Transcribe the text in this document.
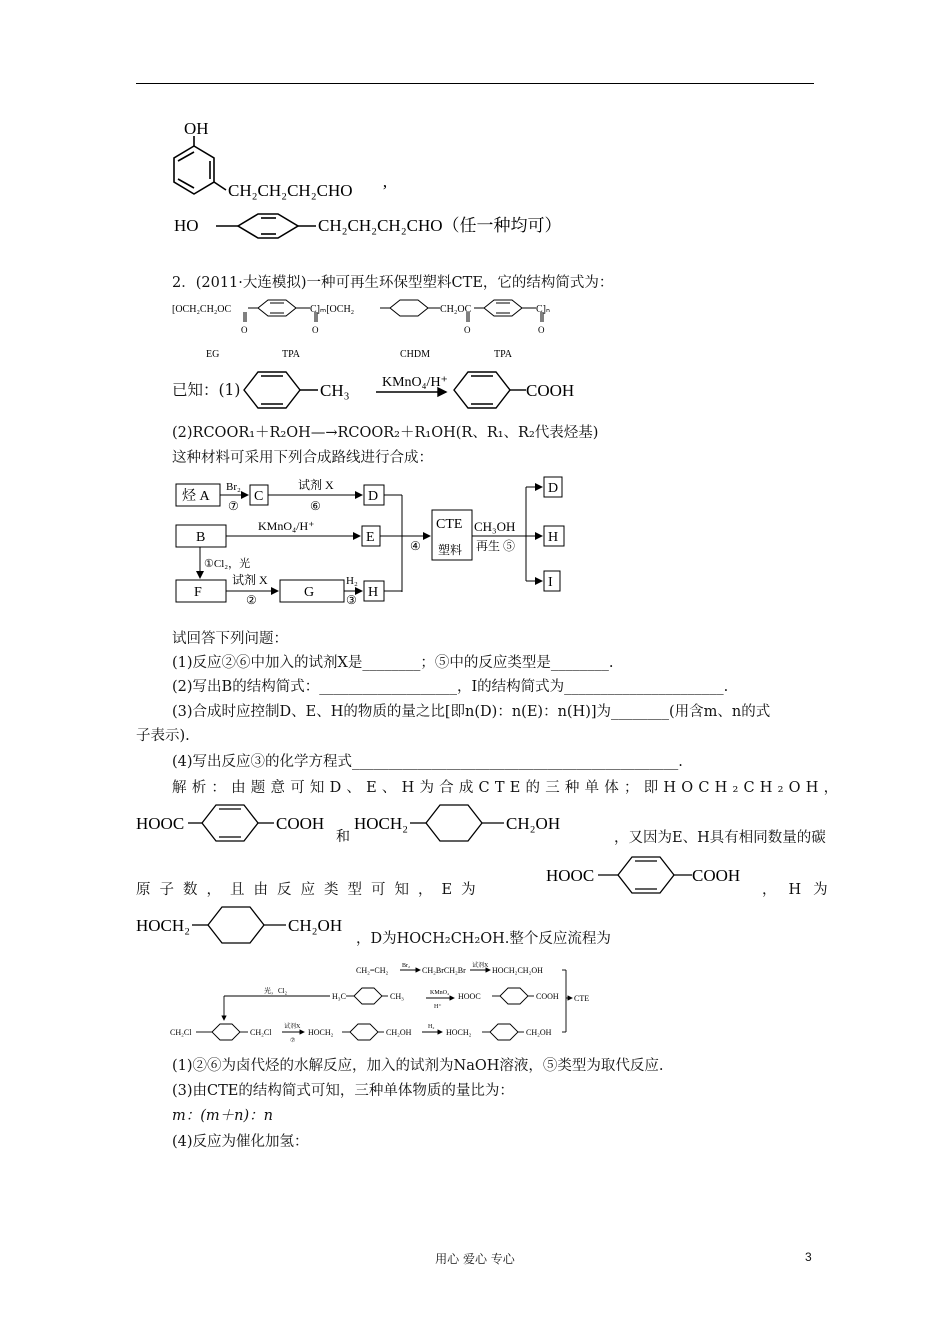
OH
CH₂CH₂CH₂CHO ’
HO	CH₂CH₂CH₂CHO（任一种均可）
2．(2011·大连模拟)一种可再生环保型塑料CTE，它的结构简式为：
[OCH₂CH₂OC	C]ₘ[OCH₂	CH₂OC	C]ₙ
O	O	O	O
EG	TPA	CHDM	TPA
已知：(1)	CH₃ KMnO₄/H⁺	COOH
(2)RCOOR₁＋R₂OH—→RCOOR₂＋R₁OH(R、R₁、R₂代表烃基)
这种材料可采用下列合成路线进行合成：
烃 A
Br₂
⑦
C
试剂 X
⑥
D
B
KMnO₄/H⁺
E
④
CTE
塑料
CH₃OH
再生 ⑤
D
H
I
①Cl₂，光
F
试剂 X
②	G
H₂
③ H
试回答下列问题：
(1)反应②⑥中加入的试剂X是________；⑤中的反应类型是________.
(2)写出B的结构简式：___________________，I的结构简式为______________________.
(3)合成时应控制D、E、H的物质的量之比[即n(D)：n(E)：n(H)]为________(用含m、n的式
子表示).
(4)写出反应③的化学方程式_____________________________________________.
解析：由题意可知D、E、H为合成CTE的三种单体；即HOCH₂CH₂OH，
HOOC	COOH
和
HOCH₂	CH₂OH
，又因为E、H具有相同数量的碳
原子数，且由反应类型可知，E为
HOOC	COOH
，H为
HOCH₂	CH₂OH
，D为HOCH₂CH₂OH.整个反应流程为
CH₂=CH₂ Br₂ CH₂BrCH₂Br 试剂X HOCH₂CH₂OH
光，Cl₂
H₃C	CH₃	KMnO₄
H⁺
HOOC	COOH CTE
CH₂Cl	CH₂Cl
试剂X
⑦
HOCH₂	CH₂OH
H₂
HOCH₂	CH₂OH
(1)②⑥为卤代烃的水解反应，加入的试剂为NaOH溶液，⑤类型为取代反应.
(3)由CTE的结构简式可知，三种单体物质的量比为：
m：(m＋n)：n
(4)反应为催化加氢：
用心 爱心 专心	3
